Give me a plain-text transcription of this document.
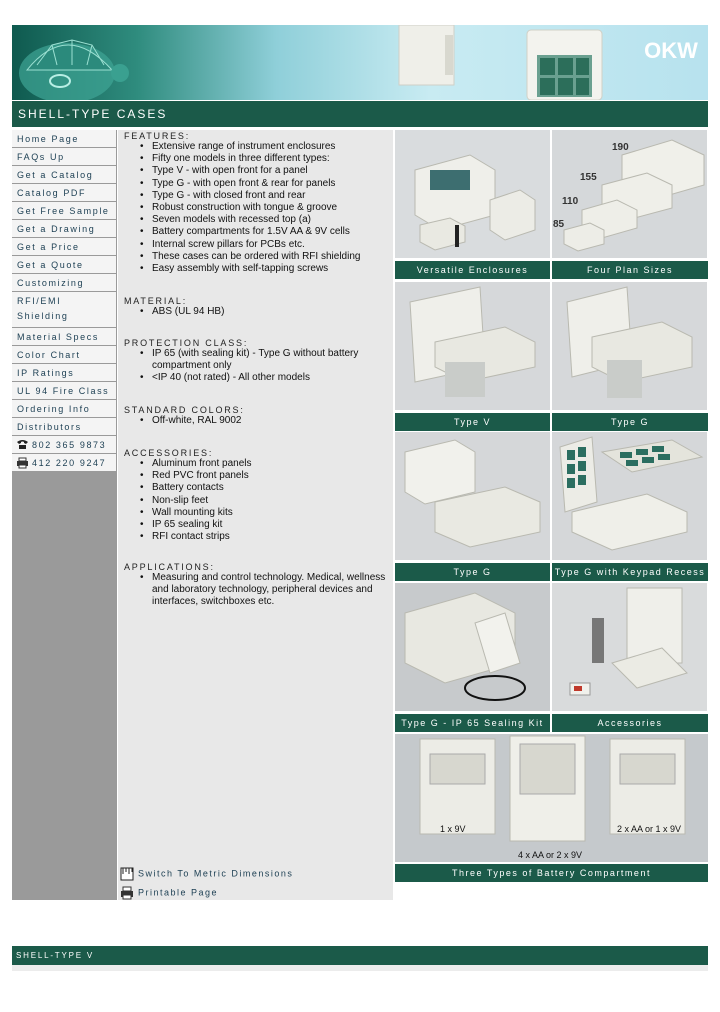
OKW
SHELL-TYPE CASES
Home Page
FAQs Up
Get a Catalog
Catalog PDF
Get Free Sample
Get a Drawing
Get a Price
Get a Quote
Customizing
RFI/EMI Shielding
Material Specs
Color Chart
IP Ratings
UL 94 Fire Class
Ordering Info
Distributors
802 365 9873
412 220 9247
FEATURES:
• Extensive range of instrument enclosures
• Fifty one models in three different types:
• Type V - with open front for a panel
• Type G - with open front & rear for panels
• Type G - with closed front and rear
• Robust construction with tongue & groove
• Seven models with recessed top (a)
• Battery compartments for 1.5V AA & 9V cells
• Internal screw pillars for PCBs etc.
• These cases can be ordered with RFI shielding
• Easy assembly with self-tapping screws
MATERIAL:
• ABS (UL 94 HB)
PROTECTION CLASS:
• IP 65 (with sealing kit) - Type G without battery compartment only
• <IP 40 (not rated) - All other models
STANDARD COLORS:
• Off-white, RAL 9002
ACCESSORIES:
• Aluminum front panels
• Red PVC front panels
• Battery contacts
• Non-slip feet
• Wall mounting kits
• IP 65 sealing kit
• RFI contact strips
APPLICATIONS:
• Measuring and control technology. Medical, wellness and laboratory technology, peripheral devices and interfaces, switchboxes etc.
Switch To Metric Dimensions
Printable Page
190
155
110
85
Versatile Enclosures	Four Plan Sizes
Type V	Type G
Type G	Type G with Keypad Recess
Type G - IP 65 Sealing Kit	Accessories
1 x 9V
4 x AA or 2 x 9V
2 x AA or 1 x 9V
Three Types of Battery Compartment
SHELL-TYPE V
